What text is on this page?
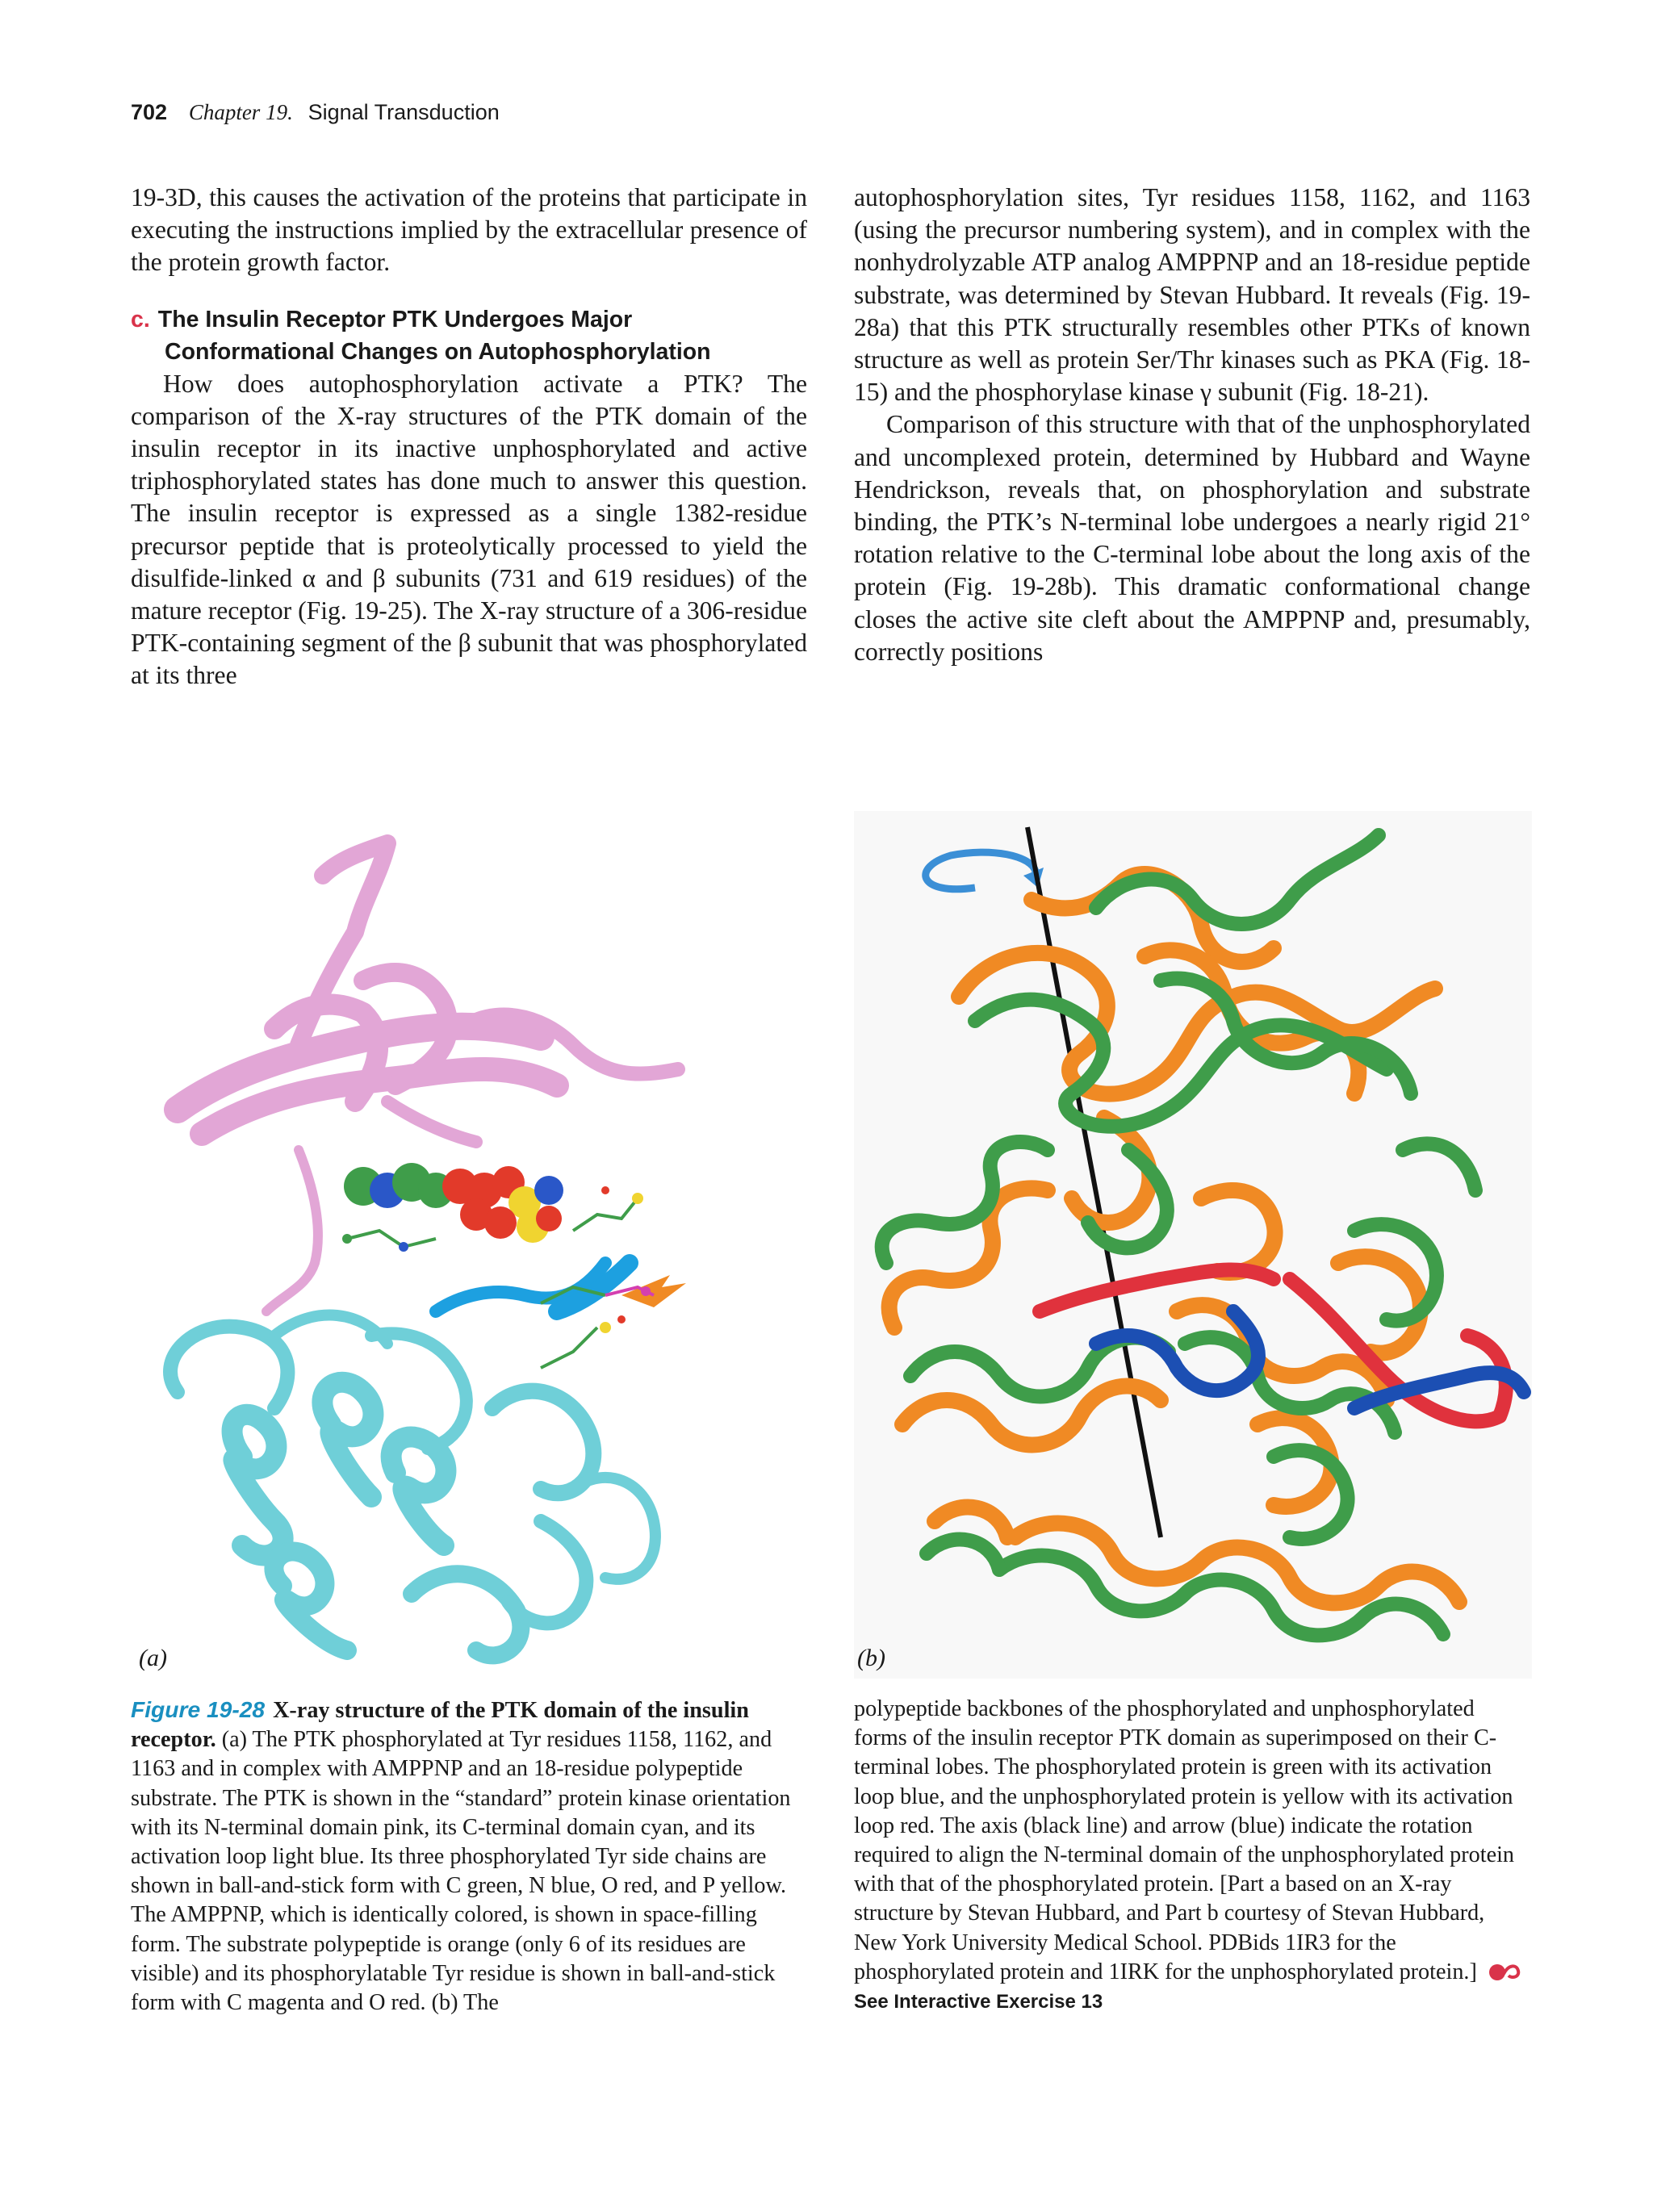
702 Chapter 19. Signal Transduction

19-3D, this causes the activation of the proteins that participate in executing the instructions implied by the extracellular presence of the protein growth factor.

c. The Insulin Receptor PTK Undergoes Major Conformational Changes on Autophosphorylation

How does autophosphorylation activate a PTK? The comparison of the X-ray structures of the PTK domain of the insulin receptor in its inactive unphosphorylated and active triphosphorylated states has done much to answer this question. The insulin receptor is expressed as a single 1382-residue precursor peptide that is proteolytically processed to yield the disulfide-linked α and β subunits (731 and 619 residues) of the mature receptor (Fig. 19-25). The X-ray structure of a 306-residue PTK-containing segment of the β subunit that was phosphorylated at its three

autophosphorylation sites, Tyr residues 1158, 1162, and 1163 (using the precursor numbering system), and in complex with the nonhydrolyzable ATP analog AMPPNP and an 18-residue peptide substrate, was determined by Stevan Hubbard. It reveals (Fig. 19-28a) that this PTK structurally resembles other PTKs of known structure as well as protein Ser/Thr kinases such as PKA (Fig. 18-15) and the phosphorylase kinase γ subunit (Fig. 18-21).

Comparison of this structure with that of the unphosphorylated and uncomplexed protein, determined by Hubbard and Wayne Hendrickson, reveals that, on phosphorylation and substrate binding, the PTK’s N-terminal lobe undergoes a nearly rigid 21° rotation relative to the C-terminal lobe about the long axis of the protein (Fig. 19-28b). This dramatic conformational change closes the active site cleft about the AMPPNP and, presumably, correctly positions

(a)	(b)

Figure 19-28 X-ray structure of the PTK domain of the insulin receptor. (a) The PTK phosphorylated at Tyr residues 1158, 1162, and 1163 and in complex with AMPPNP and an 18-residue polypeptide substrate. The PTK is shown in the “standard” protein kinase orientation with its N-terminal domain pink, its C-terminal domain cyan, and its activation loop light blue. Its three phosphorylated Tyr side chains are shown in ball-and-stick form with C green, N blue, O red, and P yellow. The AMPPNP, which is identically colored, is shown in space-filling form. The substrate polypeptide is orange (only 6 of its residues are visible) and its phosphorylatable Tyr residue is shown in ball-and-stick form with C magenta and O red. (b) The

polypeptide backbones of the phosphorylated and unphosphorylated forms of the insulin receptor PTK domain as superimposed on their C-terminal lobes. The phosphorylated protein is green with its activation loop blue, and the unphosphorylated protein is yellow with its activation loop red. The axis (black line) and arrow (blue) indicate the rotation required to align the N-terminal domain of the unphosphorylated protein with that of the phosphorylated protein. [Part a based on an X-ray structure by Stevan Hubbard, and Part b courtesy of Stevan Hubbard, New York University Medical School. PDBids 1IR3 for the phosphorylated protein and 1IRK for the unphosphorylated protein.] See Interactive Exercise 13
